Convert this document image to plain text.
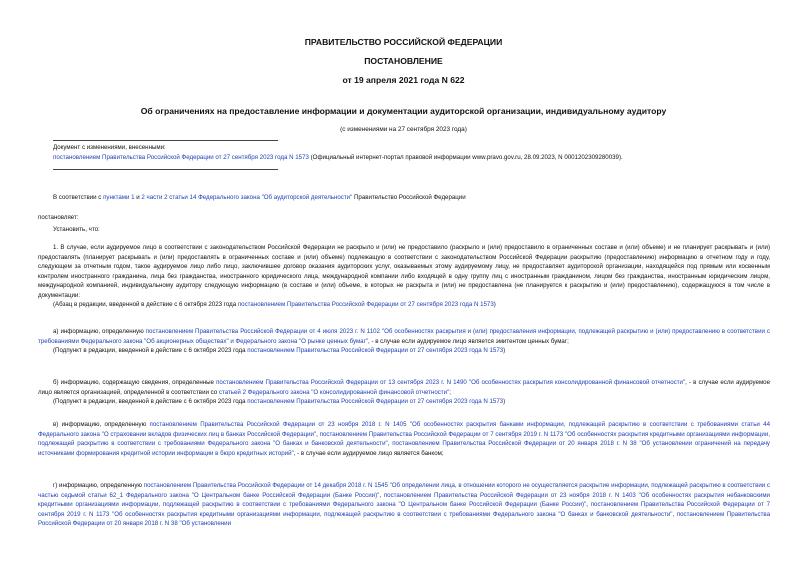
ПРАВИТЕЛЬСТВО РОССИЙСКОЙ ФЕДЕРАЦИИ
ПОСТАНОВЛЕНИЕ
от 19 апреля 2021 года N 622
Об ограничениях на предоставление информации и документации аудиторской организации, индивидуальному аудитору
(с изменениями на 27 сентября 2023 года)
Документ с изменениями, внесенными:
постановлением Правительства Российской Федерации от 27 сентября 2023 года N 1573 (Официальный интернет-портал правовой информации www.pravo.gov.ru, 28.09.2023, N 0001202309280039).
В соответствии с пунктами 1 и 2 части 2 статьи 14 Федерального закона "Об аудиторской деятельности" Правительство Российской Федерации
постановляет:
Установить, что:
1. В случае, если аудируемое лицо в соответствии с законодательством Российской Федерации не раскрыло и (или) не предоставило (раскрыло и (или) предоставило в ограниченных составе и (или) объеме) и не планирует раскрывать и (или) предоставлять (планирует раскрывать и (или) предоставлять в ограниченных составе и (или) объеме) подлежащую в соответствии с законодательством Российской Федерации раскрытию (предоставлению) информацию в отчетном году и году, следующем за отчетным годом, такое аудируемое лицо либо лицо, заключившее договор оказания аудиторских услуг, оказываемых этому аудируемому лицу, не предоставляет аудиторской организации, находящейся под прямым или косвенным контролем иностранного гражданина, лица без гражданства, иностранного юридического лица, международной компании либо входящей в одну группу лиц с иностранным гражданином, лицом без гражданства, иностранным юридическим лицом, международной компанией, индивидуальному аудитору следующую информацию (в составе и (или) объеме, в которых не раскрыта и (или) не предоставлена (не планируется к раскрытию и (или) предоставлению), содержащуюся в том числе в документации:
(Абзац в редакции, введенной в действие с 6 октября 2023 года постановлением Правительства Российской Федерации от 27 сентября 2023 года N 1573)
а) информацию, определенную постановлением Правительства Российской Федерации от 4 июля 2023 г. N 1102 "Об особенностях раскрытия и (или) предоставления информации, подлежащей раскрытию и (или) предоставлению в соответствии с требованиями Федерального закона "Об акционерных обществах" и Федерального закона "О рынке ценных бумаг", - в случае если аудируемое лицо является эмитентом ценных бумаг;
(Подпункт в редакции, введенной в действие с 6 октября 2023 года постановлением Правительства Российской Федерации от 27 сентября 2023 года N 1573)
б) информацию, содержащую сведения, определенные постановлением Правительства Российской Федерации от 13 сентября 2023 г. N 1490 "Об особенностях раскрытия консолидированной финансовой отчетности", - в случае если аудируемое лицо является организацией, определенной в соответствии со статьей 2 Федерального закона "О консолидированной финансовой отчетности";
(Подпункт в редакции, введенной в действие с 6 октября 2023 года постановлением Правительства Российской Федерации от 27 сентября 2023 года N 1573)
в) информацию, определенную постановлением Правительства Российской Федерации от 23 ноября 2018 г. N 1405 "Об особенностях раскрытия банками информации, подлежащей раскрытию в соответствии с требованиями статьи 44 Федерального закона "О страховании вкладов физических лиц в банках Российской Федерации", постановлением Правительства Российской Федерации от 7 сентября 2019 г. N 1173 "Об особенностях раскрытия кредитными организациями информации, подлежащей раскрытию в соответствии с требованиями Федерального закона "О банках и банковской деятельности", постановлением Правительства Российской Федерации от 20 января 2018 г. N 38 "Об установлении ограничений на передачу источниками формирования кредитной истории информации в бюро кредитных историй", - в случае если аудируемое лицо является банком;
г) информацию, определенную постановлением Правительства Российской Федерации от 14 декабря 2018 г. N 1545 "Об определении лица, в отношении которого не осуществляется раскрытие информации, подлежащей раскрытию в соответствии с частью седьмой статьи 62_1 Федерального закона "О Центральном банке Российской Федерации (Банке России)", постановлением Правительства Российской Федерации от 23 ноября 2018 г. N 1403 "Об особенностях раскрытия небанковскими кредитными организациями информации, подлежащей раскрытию в соответствии с требованиями Федерального закона "О Центральном банке Российской Федерации (Банке России)", постановлением Правительства Российской Федерации от 7 сентября 2019 г. N 1173 "Об особенностях раскрытия кредитными организациями информации, подлежащей раскрытию в соответствии с требованиями Федерального закона "О банках и банковской деятельности", постановлением Правительства Российской Федерации от 20 января 2018 г. N 38 "Об установлении
